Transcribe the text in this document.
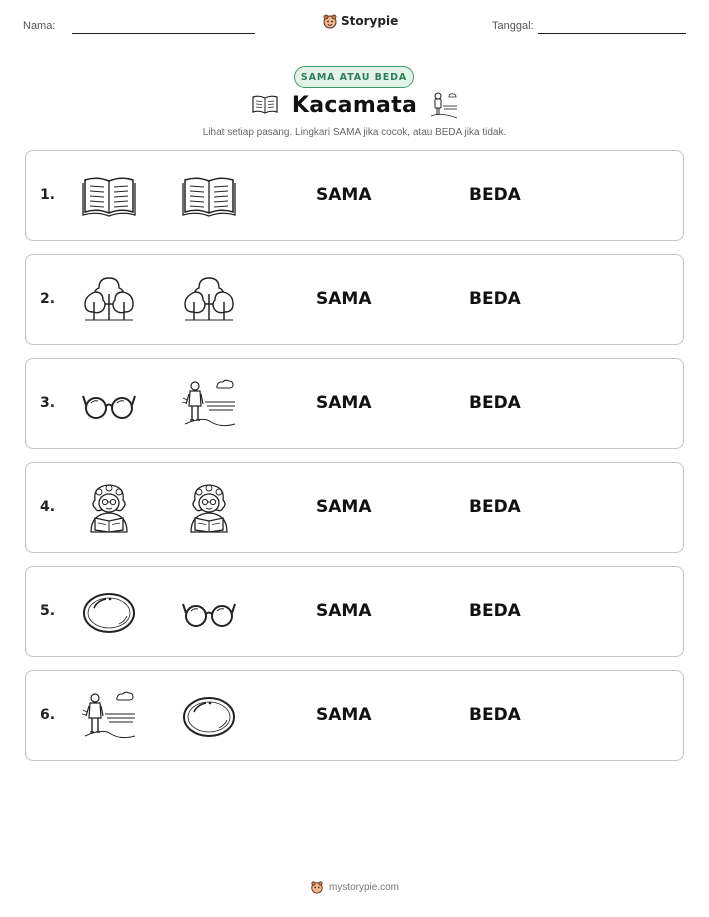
Nama:	Storypie	Tanggal:
SAMA ATAU BEDA
Kacamata
Lihat setiap pasang. Lingkari SAMA jika cocok, atau BEDA jika tidak.
1.	SAMA	BEDA
2.	SAMA	BEDA
3.	SAMA	BEDA
4.	SAMA	BEDA
5.	SAMA	BEDA
6.	SAMA	BEDA
mystorypie.com
